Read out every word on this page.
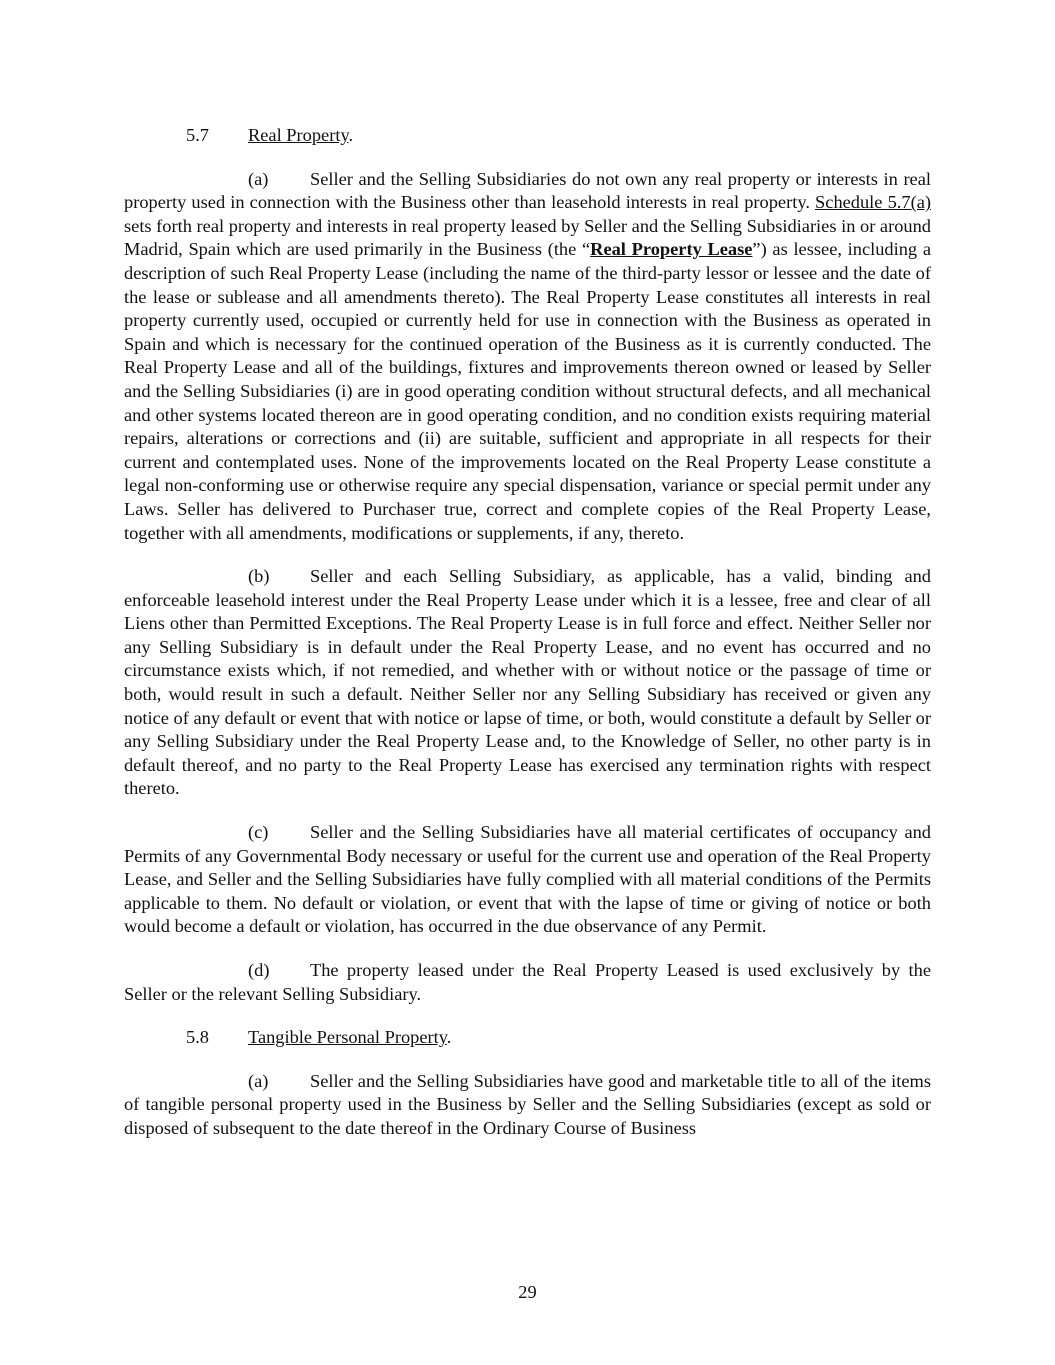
5.7 Real Property.

(a) Seller and the Selling Subsidiaries do not own any real property or interests in real property used in connection with the Business other than leasehold interests in real property. Schedule 5.7(a) sets forth real property and interests in real property leased by Seller and the Selling Subsidiaries in or around Madrid, Spain which are used primarily in the Business (the “Real Property Lease”) as lessee, including a description of such Real Property Lease (including the name of the third-party lessor or lessee and the date of the lease or sublease and all amendments thereto). The Real Property Lease constitutes all interests in real property currently used, occupied or currently held for use in connection with the Business as operated in Spain and which is necessary for the continued operation of the Business as it is currently conducted. The Real Property Lease and all of the buildings, fixtures and improvements thereon owned or leased by Seller and the Selling Subsidiaries (i) are in good operating condition without structural defects, and all mechanical and other systems located thereon are in good operating condition, and no condition exists requiring material repairs, alterations or corrections and (ii) are suitable, sufficient and appropriate in all respects for their current and contemplated uses. None of the improvements located on the Real Property Lease constitute a legal non-conforming use or otherwise require any special dispensation, variance or special permit under any Laws. Seller has delivered to Purchaser true, correct and complete copies of the Real Property Lease, together with all amendments, modifications or supplements, if any, thereto.

(b) Seller and each Selling Subsidiary, as applicable, has a valid, binding and enforceable leasehold interest under the Real Property Lease under which it is a lessee, free and clear of all Liens other than Permitted Exceptions. The Real Property Lease is in full force and effect. Neither Seller nor any Selling Subsidiary is in default under the Real Property Lease, and no event has occurred and no circumstance exists which, if not remedied, and whether with or without notice or the passage of time or both, would result in such a default. Neither Seller nor any Selling Subsidiary has received or given any notice of any default or event that with notice or lapse of time, or both, would constitute a default by Seller or any Selling Subsidiary under the Real Property Lease and, to the Knowledge of Seller, no other party is in default thereof, and no party to the Real Property Lease has exercised any termination rights with respect thereto.

(c) Seller and the Selling Subsidiaries have all material certificates of occupancy and Permits of any Governmental Body necessary or useful for the current use and operation of the Real Property Lease, and Seller and the Selling Subsidiaries have fully complied with all material conditions of the Permits applicable to them. No default or violation, or event that with the lapse of time or giving of notice or both would become a default or violation, has occurred in the due observance of any Permit.

(d) The property leased under the Real Property Leased is used exclusively by the Seller or the relevant Selling Subsidiary.

5.8 Tangible Personal Property.

(a) Seller and the Selling Subsidiaries have good and marketable title to all of the items of tangible personal property used in the Business by Seller and the Selling Subsidiaries (except as sold or disposed of subsequent to the date thereof in the Ordinary Course of Business

29
